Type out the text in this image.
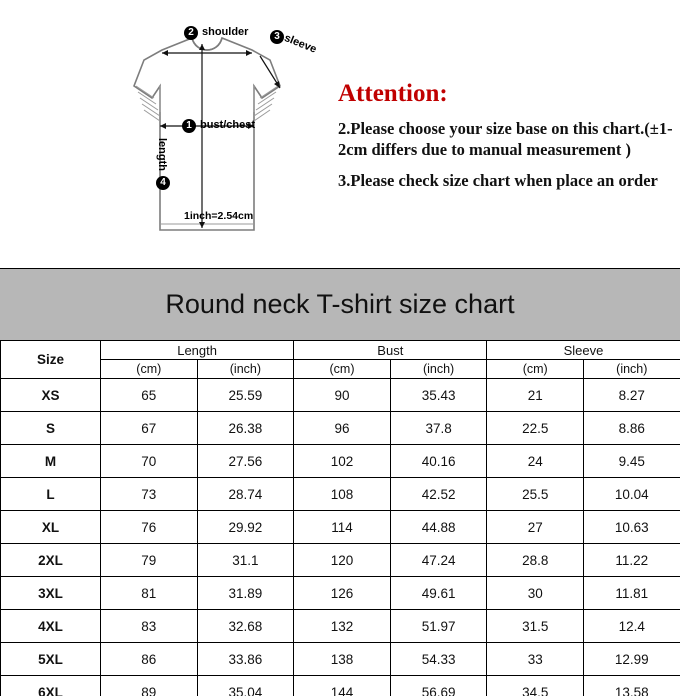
1 bust/chest
2 shoulder	3 sleeve
4
length
1inch=2.54cm
Attention:
2.Please choose your size base on this chart.(±1-2cm differs due to manual measurement )
3.Please check size chart when place an order
Round neck T-shirt size chart
Size	Length		Bust		Sleeve	
	(cm)	(inch)	(cm)	(inch)	(cm)	(inch)
XS	65	25.59	90	35.43	21	8.27
S	67	26.38	96	37.8	22.5	8.86
M	70	27.56	102	40.16	24	9.45
L	73	28.74	108	42.52	25.5	10.04
XL	76	29.92	114	44.88	27	10.63
2XL	79	31.1	120	47.24	28.8	11.22
3XL	81	31.89	126	49.61	30	11.81
4XL	83	32.68	132	51.97	31.5	12.4
5XL	86	33.86	138	54.33	33	12.99
6XL	89	35.04	144	56.69	34.5	13.58
